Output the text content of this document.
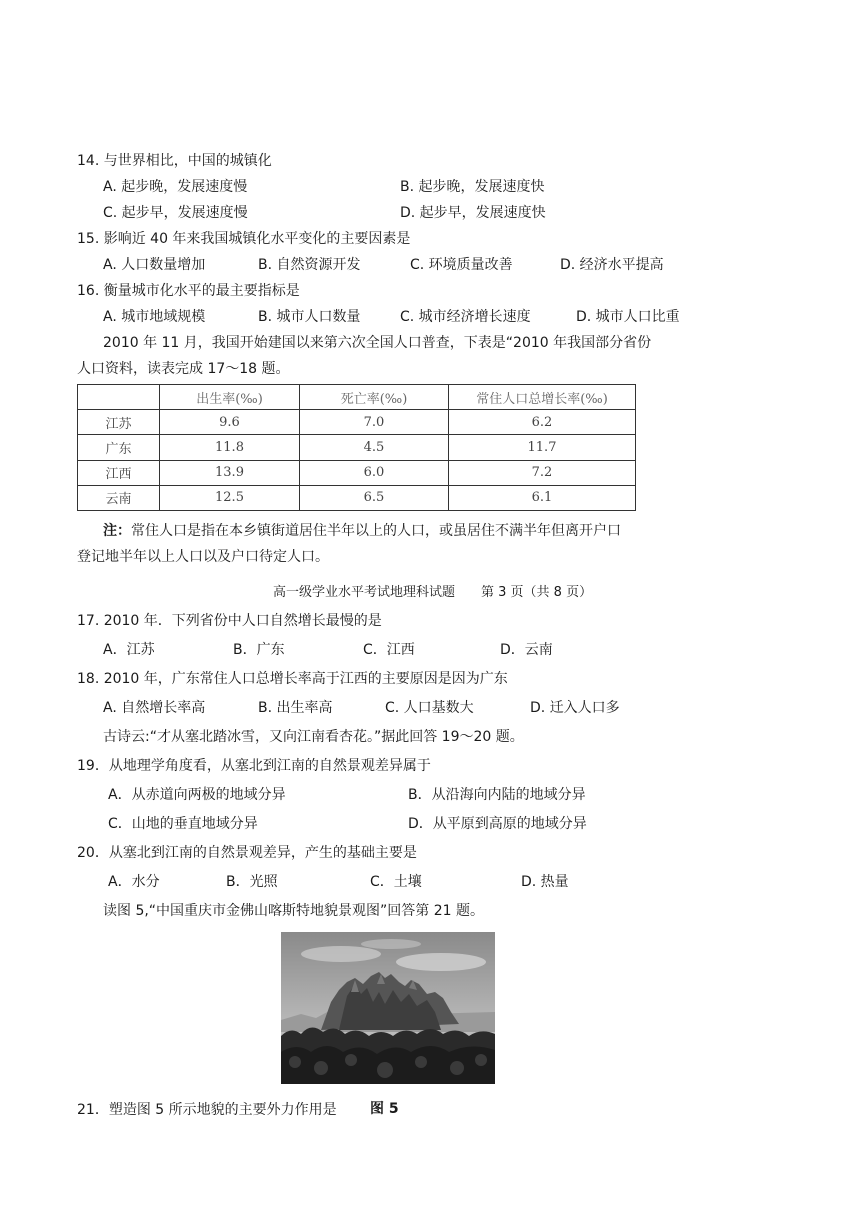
14. 与世界相比，中国的城镇化
A. 起步晚，发展速度慢	B. 起步晚，发展速度快
C. 起步早，发展速度慢	D. 起步早，发展速度快
15. 影响近 40 年来我国城镇化水平变化的主要因素是
A. 人口数量增加	B. 自然资源开发	C. 环境质量改善	D. 经济水平提高
16. 衡量城市化水平的最主要指标是
A. 城市地域规模	B. 城市人口数量	C. 城市经济增长速度	D. 城市人口比重
2010 年 11 月，我国开始建国以来第六次全国人口普查，下表是“2010 年我国部分省份
人口资料，读表完成 17～18 题。
	出生率(‰)	死亡率(‰)	常住人口总增长率(‰)
江苏	9.6	7.0	6.2
广东	11.8	4.5	11.7
江西	13.9	6.0	7.2
云南	12.5	6.5	6.1
注：常住人口是指在本乡镇街道居住半年以上的人口，或虽居住不满半年但离开户口
登记地半年以上人口以及户口待定人口。
高一级学业水平考试地理科试题　　第 3 页（共 8 页）
17. 2010 年．下列省份中人口自然增长最慢的是
A．江苏	B．广东	C．江西	D．云南
18. 2010 年，广东常住人口总增长率高于江西的主要原因是因为广东
A. 自然增长率高	B. 出生率高	C. 人口基数大	D. 迁入人口多
古诗云:“才从塞北踏冰雪，又向江南看杏花。”据此回答 19～20 题。
19．从地理学角度看，从塞北到江南的自然景观差异属于
A．从赤道向两极的地域分异	B．从沿海向内陆的地域分异
C．山地的垂直地域分异	D．从平原到高原的地域分异
20．从塞北到江南的自然景观差异，产生的基础主要是
A．水分	B．光照	C．土壤	D. 热量
读图 5,“中国重庆市金佛山喀斯特地貌景观图”回答第 21 题。
21．塑造图 5 所示地貌的主要外力作用是 图 5
